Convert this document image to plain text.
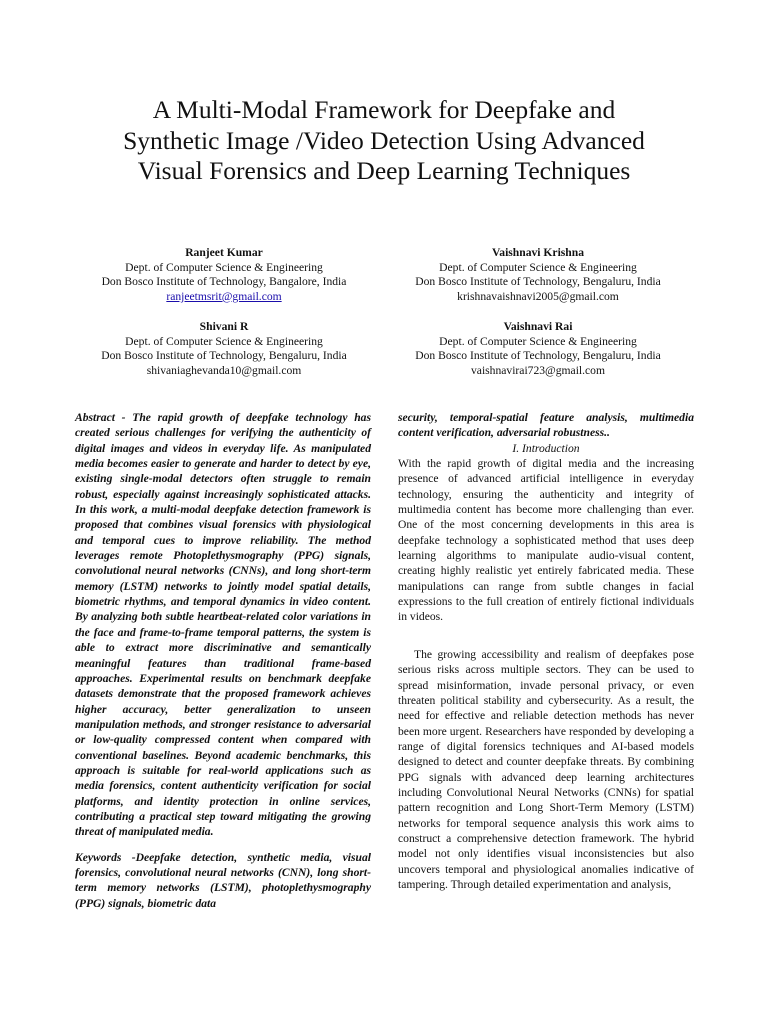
A Multi-Modal Framework for Deepfake and
Synthetic Image /Video Detection Using Advanced
Visual Forensics and Deep Learning Techniques
Ranjeet Kumar
Dept. of Computer Science & Engineering
Don Bosco Institute of Technology, Bangalore, India
ranjeetmsrit@gmail.com
Vaishnavi Krishna
Dept. of Computer Science & Engineering
Don Bosco Institute of Technology, Bengaluru, India
krishnavaishnavi2005@gmail.com
Shivani R
Dept. of Computer Science & Engineering
Don Bosco Institute of Technology, Bengaluru, India
shivaniaghevanda10@gmail.com
Vaishnavi Rai
Dept. of Computer Science & Engineering
Don Bosco Institute of Technology, Bengaluru, India
vaishnavirai723@gmail.com

Abstract - The rapid growth of deepfake technology has created serious challenges for verifying the authenticity of digital images and videos in everyday life. As manipulated media becomes easier to generate and harder to detect by eye, existing single-modal detectors often struggle to remain robust, especially against increasingly sophisticated attacks. In this work, a multi-modal deepfake detection framework is proposed that combines visual forensics with physiological and temporal cues to improve reliability. The method leverages remote Photoplethysmography (PPG) signals, convolutional neural networks (CNNs), and long short-term memory (LSTM) networks to jointly model spatial details, biometric rhythms, and temporal dynamics in video content. By analyzing both subtle heartbeat-related color variations in the face and frame-to-frame temporal patterns, the system is able to extract more discriminative and semantically meaningful features than traditional frame-based approaches. Experimental results on benchmark deepfake datasets demonstrate that the proposed framework achieves higher accuracy, better generalization to unseen manipulation methods, and stronger resistance to adversarial or low-quality compressed content when compared with conventional baselines. Beyond academic benchmarks, this approach is suitable for real-world applications such as media forensics, content authenticity verification for social platforms, and identity protection in online services, contributing a practical step toward mitigating the growing threat of manipulated media.

Keywords -Deepfake detection, synthetic media, visual forensics, convolutional neural networks (CNN), long short-term memory networks (LSTM), photoplethysmography (PPG) signals, biometric data

security, temporal-spatial feature analysis, multimedia content verification, adversarial robustness..

I. Introduction

With the rapid growth of digital media and the increasing presence of advanced artificial intelligence in everyday technology, ensuring the authenticity and integrity of multimedia content has become more challenging than ever. One of the most concerning developments in this area is deepfake technology a sophisticated method that uses deep learning algorithms to manipulate audio-visual content, creating highly realistic yet entirely fabricated media. These manipulations can range from subtle changes in facial expressions to the full creation of entirely fictional individuals in videos.

The growing accessibility and realism of deepfakes pose serious risks across multiple sectors. They can be used to spread misinformation, invade personal privacy, or even threaten political stability and cybersecurity. As a result, the need for effective and reliable detection methods has never been more urgent. Researchers have responded by developing a range of digital forensics techniques and AI-based models designed to detect and counter deepfake threats. By combining PPG signals with advanced deep learning architectures including Convolutional Neural Networks (CNNs) for spatial pattern recognition and Long Short-Term Memory (LSTM) networks for temporal sequence analysis this work aims to construct a comprehensive detection framework. The hybrid model not only identifies visual inconsistencies but also uncovers temporal and physiological anomalies indicative of tampering. Through detailed experimentation and analysis,
